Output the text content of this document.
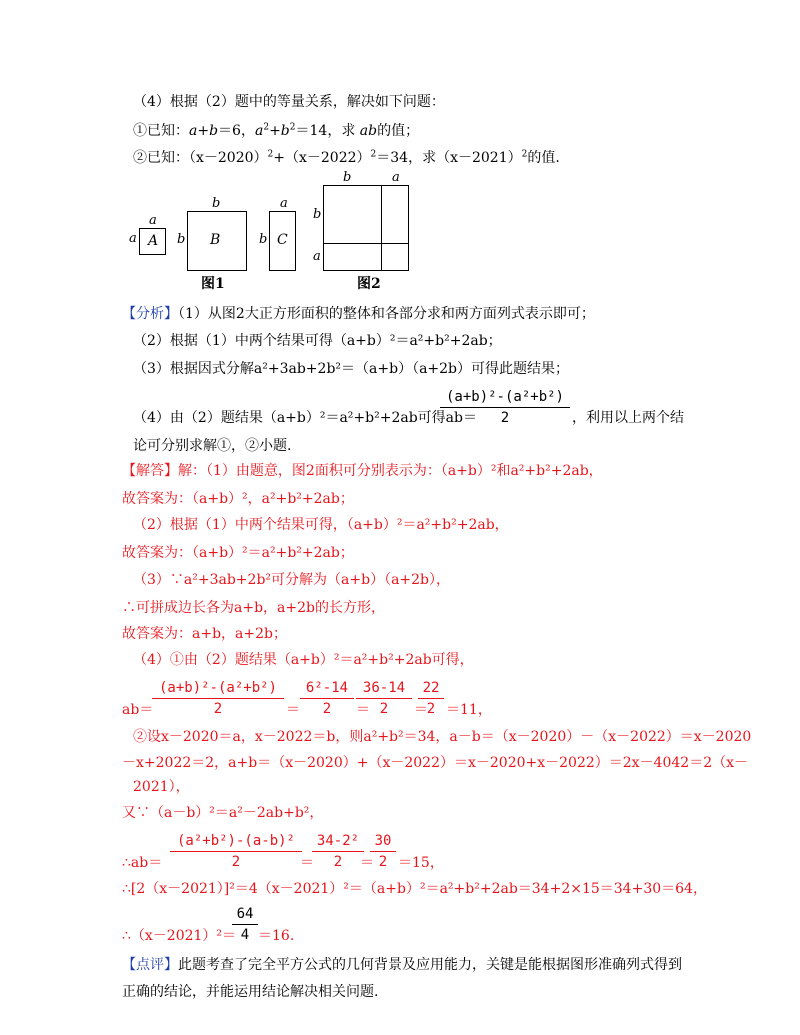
（4）根据（2）题中的等量关系，解决如下问题：
①已知：a+b＝6，$a^2+b^2=14$，求 ab的值；
②已知：$(x-2020)^2+(x-2022)^2=34$，求$(x-2021)^2$的值.
a
a A
b
b B
a
b C
图1
b	a
b
a
图2
【分析】（1）从图2大正方形面积的整体和各部分求和两方面列式表示即可；
（2）根据（1）中两个结果可得（a+b）²＝a²+b²+2ab；
（3）根据因式分解a²+3ab+2b²＝（a+b）（a+2b）可得此题结果；
（4）由（2）题结果（a+b）²＝a²+b²+2ab可得ab＝
$\frac{\text{(a+b)²-(a²+b²)}}{2}$ ，利用以上两个结
论可分别求解①，②小题.
【解答】解：（1）由题意，图2面积可分别表示为：（a+b）²和a²+b²+2ab，
故答案为：（a+b）²，a²+b²+2ab；
（2）根据（1）中两个结果可得，（a+b）²＝a²+b²+2ab，
故答案为：（a+b）²＝a²+b²+2ab；
（3）∵a²+3ab+2b²可分解为（a+b）（a+2b），
∴可拼成边长各为a+b，a+2b的长方形，
故答案为：a+b，a+2b；
（4）①由（2）题结果（a+b）²＝a²+b²+2ab可得，
ab＝
$\frac{\text{(a+b)²-(a²+b²)}}{2} = \frac{\text{6²-14}}{2}$ ＝
$\frac{36-14}{2}$ ＝
$\frac{22}{2} =11$，
②设x－2020＝a，x－2022＝b，则a²+b²＝34，a－b＝（x－2020）－（x－2022）＝x－2020
－x+2022＝2，a+b＝（x－2020）+（x－2022）＝x－2020+x－2022）＝2x－4042＝2（x－
2021），
又∵（a－b）²＝a²－2ab+b²，
∴ab＝ $\frac{\text{(a²+b²)-(a-b)²}}{2}$
＝
$\frac{\text{34-2²}}{2}$
＝
$\frac{30}{2} =15$，
∴[2（x－2021）]²＝4（x－2021）²＝（a+b）²＝a²+b²+2ab＝34+2×15＝34+30＝64，
∴（x－2021）²＝
$\frac{64}{4} =16$.
【点评】此题考查了完全平方公式的几何背景及应用能力，关键是能根据图形准确列式得到
正确的结论，并能运用结论解决相关问题.
